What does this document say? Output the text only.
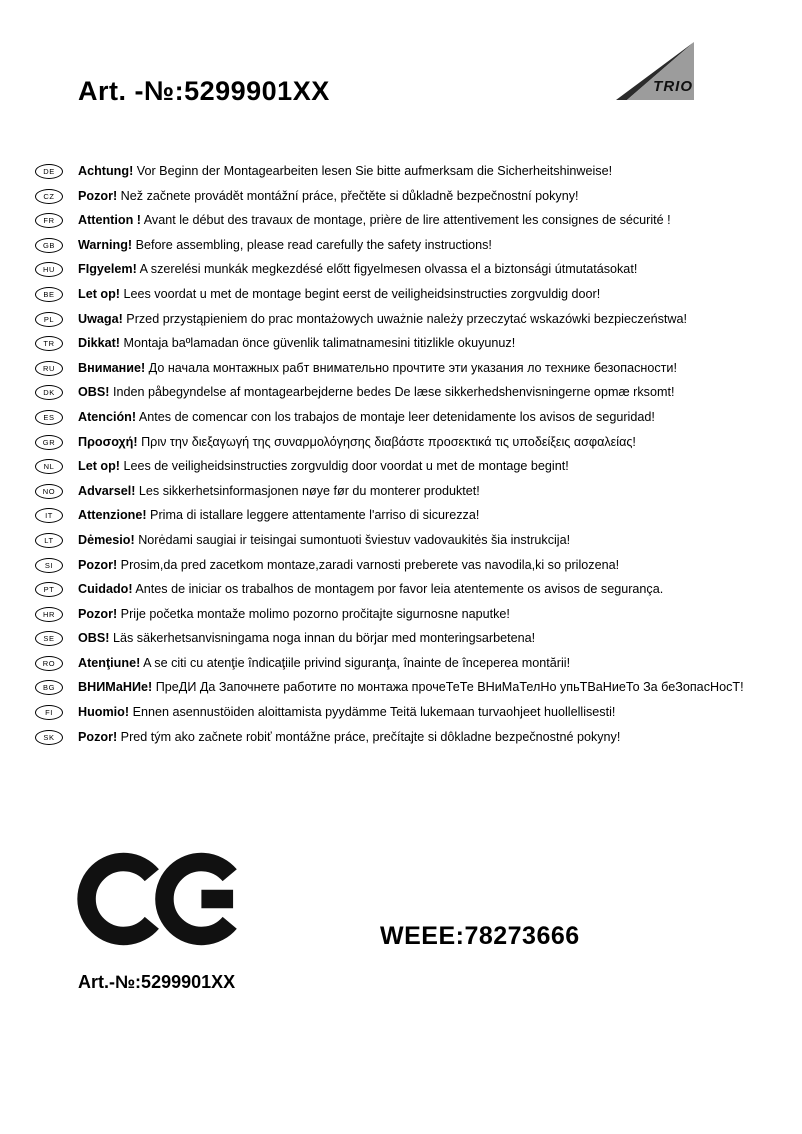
Art. -№:5299901XX	TRIO
DE Achtung! Vor Beginn der Montagearbeiten lesen Sie bitte aufmerksam die Sicherheitshinweise!
CZ Pozor! Než začnete provádět montážní práce, přečtěte si důkladně bezpečnostní pokyny!
FR Attention ! Avant le début des travaux de montage, prière de lire attentivement les consignes de sécurité !
GB Warning! Before assembling, please read carefully the safety instructions!
HU FIgyelem! A szerelési munkák megkezdésé előtt figyelmesen olvassa el a biztonsági útmutatásokat!
BE Let op! Lees voordat u met de montage begint eerst de veiligheidsinstructies zorgvuldig door!
PL Uwaga! Przed przystąpieniem do prac montażowych uważnie należy przeczytać wskazówki bezpieczeństwa!
TR Dikkat! Montaja baºlamadan önce güvenlik talimatnamesini titizlikle okuyunuz!
RU Внимание! До начала монтажных рабт внимательно прочтите эти указания ло технике безопасности!
DK OBS! Inden påbegyndelse af montagearbejderne bedes De læse sikkerhedshenvisningerne opmæ rksomt!
ES Atención! Antes de comencar con los trabajos de montaje leer detenidamente los avisos de seguridad!
GR Προσοχή! Πριν την διεξαγωγή της συναρμολόγησης διαβάστε προσεκτικά τις υποδείξεις ασφαλείας!
NL Let op! Lees de veiligheidsinstructies zorgvuldig door voordat u met de montage begint!
NO Advarsel! Les sikkerhetsinformasjonen nøye før du monterer produktet!
IT Attenzione! Prima di istallare leggere attentamente l'arriso di sicurezza!
LT Dėmesio! Norėdami saugiai ir teisingai sumontuoti šviestuv vadovaukitės šia instrukcija!
SI Pozor! Prosim,da pred zacetkom montaze,zaradi varnosti preberete vas navodila,ki so prilozena!
PT Cuidado! Antes de iniciar os trabalhos de montagem por favor leia atentemente os avisos de segurança.
HR Pozor! Prije početka montaže molimo pozorno pročitajte sigurnosne naputke!
SE OBS! Läs säkerhetsanvisningama noga innan du börjar med monteringsarbetena!
RO Atenţiune! A se citi cu atenţie îndicaţiile privind siguranţa, înainte de începerea montării!
BG ВНИМаНИе! ПреДИ Да Започнете работите по монтажа прочеТеТе ВНиМаТелНо упьТВаНиеТо За беЗопасНосТ!
FI Huomio! Ennen asennustöiden aloittamista pyydämme Teitä lukemaan turvaohjeet huollellisesti!
SK Pozor! Pred tým ako začnete robiť montážne práce, prečítajte si dôkladne bezpečnostné pokyny!
WEEE:78273666
Art.-№:5299901XX
